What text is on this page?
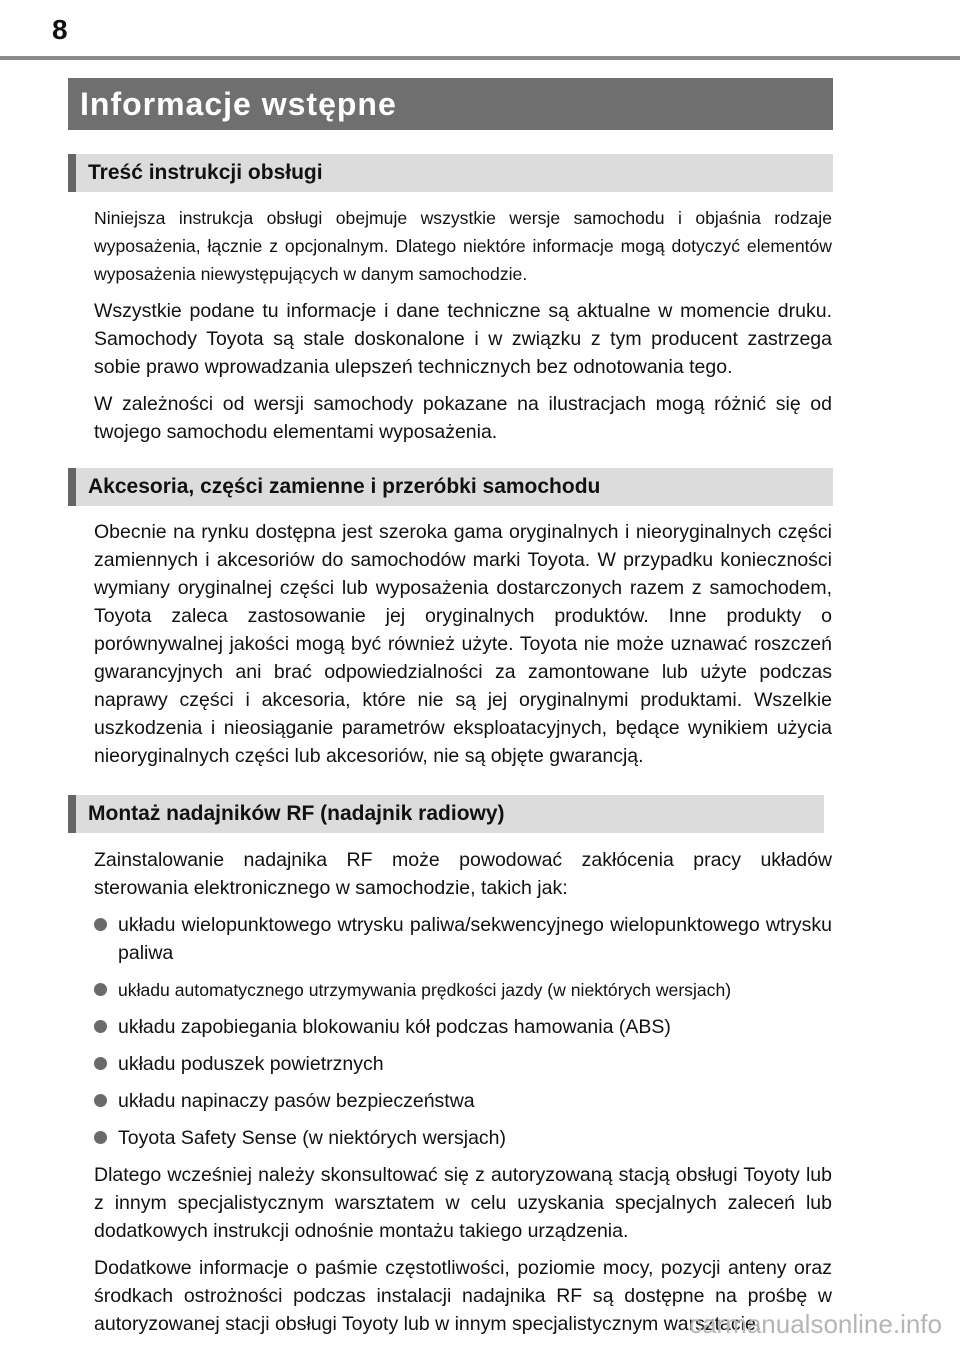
8
Informacje wstępne
Treść instrukcji obsługi

Niniejsza instrukcja obsługi obejmuje wszystkie wersje samochodu i objaśnia rodzaje wyposażenia, łącznie z opcjonalnym. Dlatego niektóre informacje mogą dotyczyć elementów wyposażenia niewystępujących w danym samochodzie.

Wszystkie podane tu informacje i dane techniczne są aktualne w momencie druku. Samochody Toyota są stale doskonalone i w związku z tym producent zastrzega sobie prawo wprowadzania ulepszeń technicznych bez odnotowania tego.

W zależności od wersji samochody pokazane na ilustracjach mogą różnić się od twojego samochodu elementami wyposażenia.

Akcesoria, części zamienne i przeróbki samochodu

Obecnie na rynku dostępna jest szeroka gama oryginalnych i nieoryginalnych części zamiennych i akcesoriów do samochodów marki Toyota. W przypadku konieczności wymiany oryginalnej części lub wyposażenia dostarczonych razem z samochodem, Toyota zaleca zastosowanie jej oryginalnych produktów. Inne produkty o porównywalnej jakości mogą być również użyte. Toyota nie może uznawać roszczeń gwarancyjnych ani brać odpowiedzialności za zamontowane lub użyte podczas naprawy części i akcesoria, które nie są jej oryginalnymi produktami. Wszelkie uszkodzenia i nieosiąganie parametrów eksploatacyjnych, będące wynikiem użycia nieoryginalnych części lub akcesoriów, nie są objęte gwarancją.

Montaż nadajników RF (nadajnik radiowy)

Zainstalowanie nadajnika RF może powodować zakłócenia pracy układów sterowania elektronicznego w samochodzie, takich jak:

układu wielopunktowego wtrysku paliwa/sekwencyjnego wielopunktowego wtrysku paliwa
układu automatycznego utrzymywania prędkości jazdy (w niektórych wersjach)
układu zapobiegania blokowaniu kół podczas hamowania (ABS)
układu poduszek powietrznych
układu napinaczy pasów bezpieczeństwa
Toyota Safety Sense (w niektórych wersjach)

Dlatego wcześniej należy skonsultować się z autoryzowaną stacją obsługi Toyoty lub z innym specjalistycznym warsztatem w celu uzyskania specjalnych zaleceń lub dodatkowych instrukcji odnośnie montażu takiego urządzenia.

Dodatkowe informacje o paśmie częstotliwości, poziomie mocy, pozycji anteny oraz środkach ostrożności podczas instalacji nadajnika RF są dostępne na prośbę w autoryzowanej stacji obsługi Toyoty lub w innym specjalistycznym warsztacie.

carmanualsonline.info
